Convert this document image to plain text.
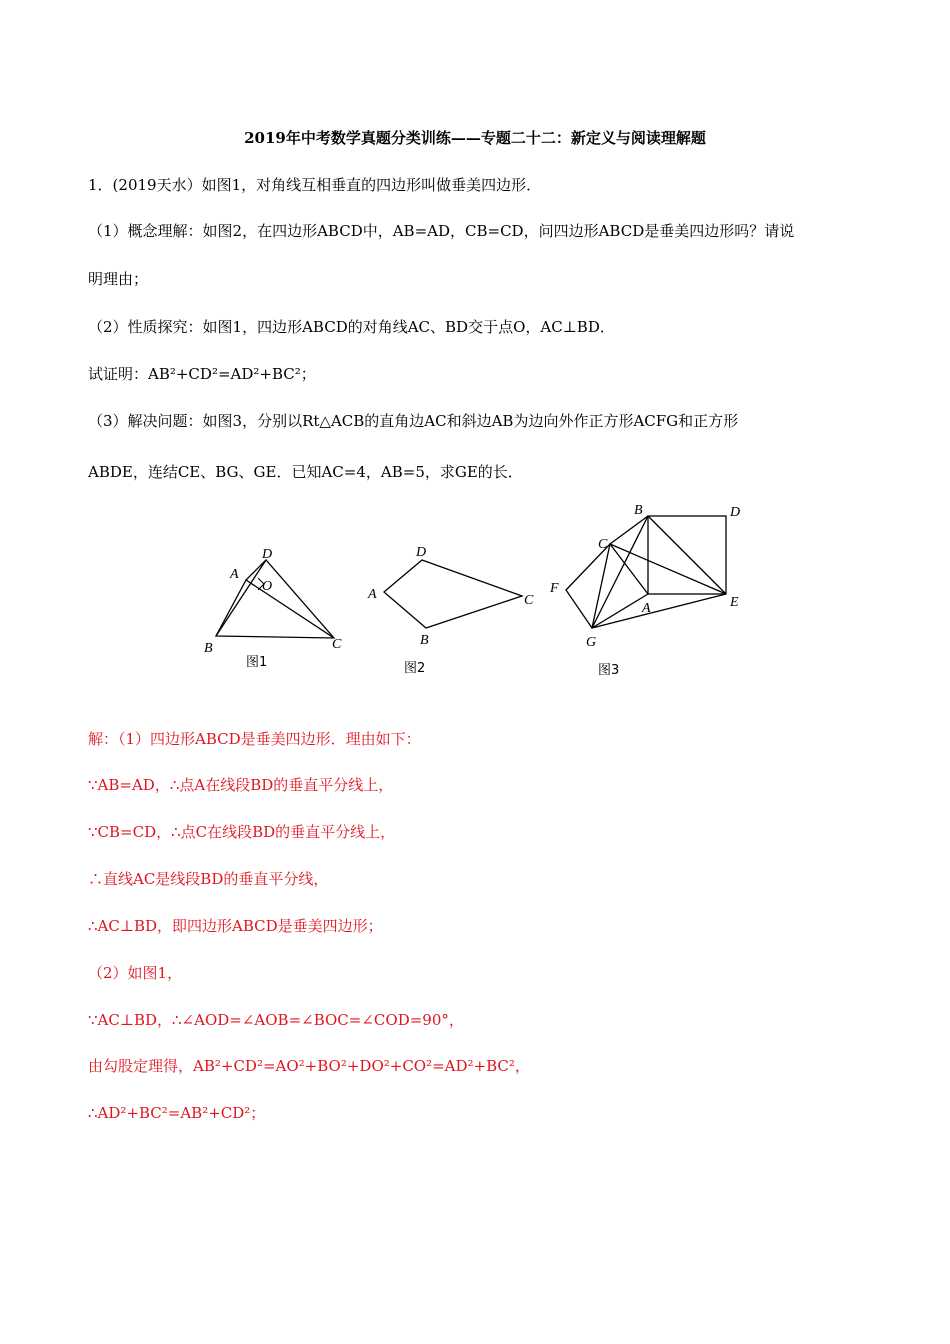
2019年中考数学真题分类训练——专题二十二：新定义与阅读理解题
1．(2019天水）如图1，对角线互相垂直的四边形叫做垂美四边形．
（1）概念理解：如图2，在四边形ABCD中，AB=AD，CB=CD，问四边形ABCD是垂美四边形吗？请说
明理由；
（2）性质探究：如图1，四边形ABCD的对角线AC、BD交于点O，AC⊥BD．
试证明：AB²+CD²=AD²+BC²；
（3）解决问题：如图3，分别以Rt△ACB的直角边AC和斜边AB为边向外作正方形ACFG和正方形
ABDE，连结CE、BG、GE．已知AC=4，AB=5，求GE的长．
A
D
O
B	C
图1
A
D
C
B
图2
B	D
C
F
A	E
G
图3
解：（1）四边形ABCD是垂美四边形．理由如下：
∵AB=AD，∴点A在线段BD的垂直平分线上，
∵CB=CD，∴点C在线段BD的垂直平分线上，
∴直线AC是线段BD的垂直平分线，
∴AC⊥BD，即四边形ABCD是垂美四边形；
（2）如图1，
∵AC⊥BD，∴∠AOD=∠AOB=∠BOC=∠COD=90°，
由勾股定理得，AB²+CD²=AO²+BO²+DO²+CO²=AD²+BC²，
∴AD²+BC²=AB²+CD²；
